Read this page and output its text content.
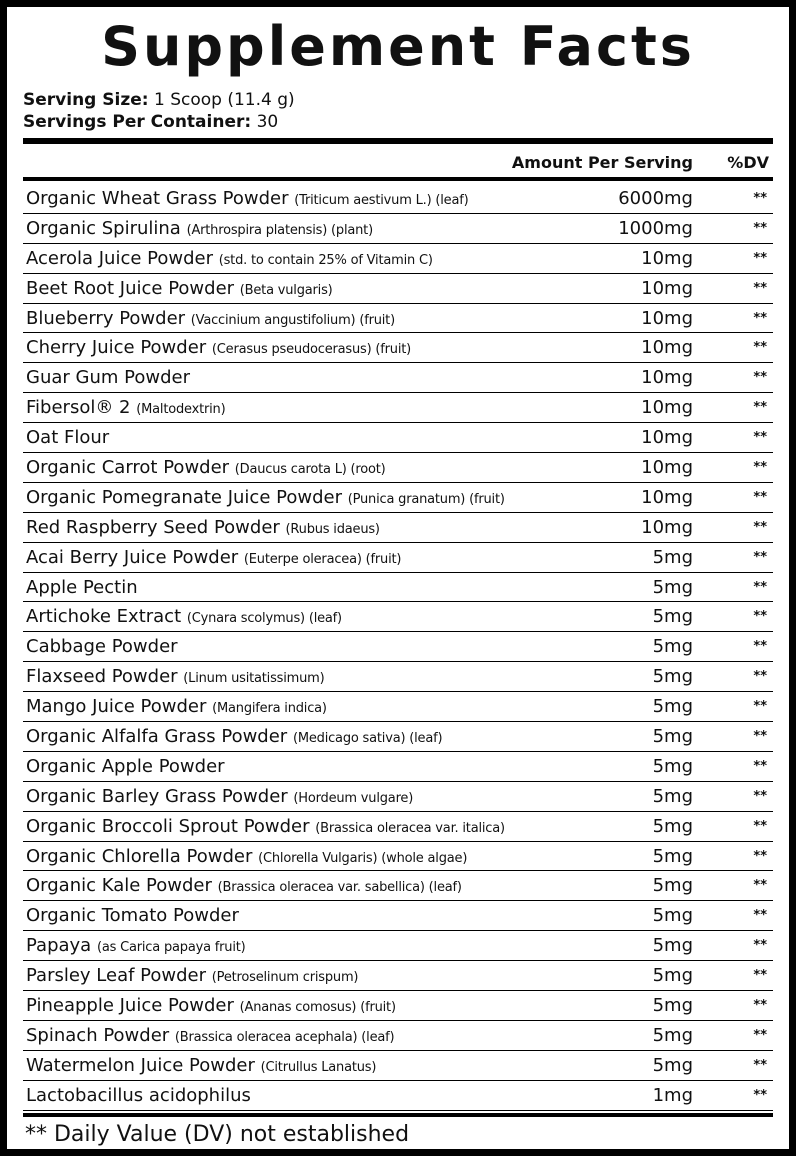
Supplement Facts
Serving Size: 1 Scoop (11.4 g)
Servings Per Container: 30
Amount Per Serving %DV
Organic Wheat Grass Powder (Triticum aestivum L.) (leaf)	6000mg	**
Organic Spirulina (Arthrospira platensis) (plant)	1000mg	**
Acerola Juice Powder (std. to contain 25% of Vitamin C)	10mg	**
Beet Root Juice Powder (Beta vulgaris)	10mg	**
Blueberry Powder (Vaccinium angustifolium) (fruit)	10mg	**
Cherry Juice Powder (Cerasus pseudocerasus) (fruit)	10mg	**
Guar Gum Powder	10mg	**
Fibersol® 2 (Maltodextrin)	10mg	**
Oat Flour	10mg	**
Organic Carrot Powder (Daucus carota L) (root)	10mg	**
Organic Pomegranate Juice Powder (Punica granatum) (fruit)	10mg	**
Red Raspberry Seed Powder (Rubus idaeus)	10mg	**
Acai Berry Juice Powder (Euterpe oleracea) (fruit)	5mg	**
Apple Pectin	5mg	**
Artichoke Extract (Cynara scolymus) (leaf)	5mg	**
Cabbage Powder	5mg	**
Flaxseed Powder (Linum usitatissimum)	5mg	**
Mango Juice Powder (Mangifera indica)	5mg	**
Organic Alfalfa Grass Powder (Medicago sativa) (leaf)	5mg	**
Organic Apple Powder	5mg	**
Organic Barley Grass Powder (Hordeum vulgare)	5mg	**
Organic Broccoli Sprout Powder (Brassica oleracea var. italica)	5mg	**
Organic Chlorella Powder (Chlorella Vulgaris) (whole algae)	5mg	**
Organic Kale Powder (Brassica oleracea var. sabellica) (leaf)	5mg	**
Organic Tomato Powder	5mg	**
Papaya (as Carica papaya fruit)	5mg	**
Parsley Leaf Powder (Petroselinum crispum)	5mg	**
Pineapple Juice Powder (Ananas comosus) (fruit)	5mg	**
Spinach Powder (Brassica oleracea acephala) (leaf)	5mg	**
Watermelon Juice Powder (Citrullus Lanatus)	5mg	**
Lactobacillus acidophilus	1mg	**
** Daily Value (DV) not established
